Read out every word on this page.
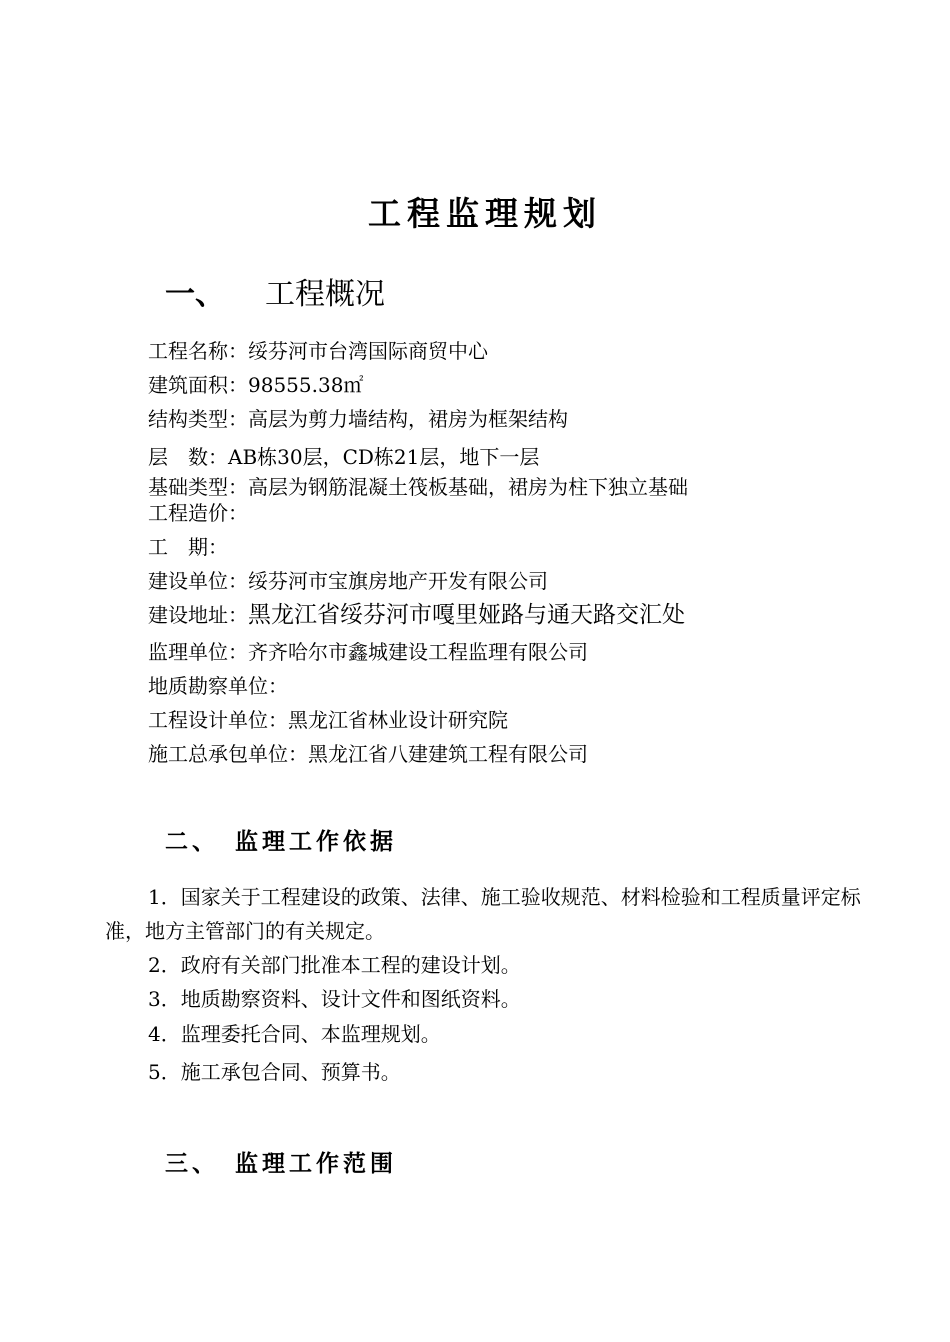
工程监理规划
一、 工程概况
工程名称：绥芬河市台湾国际商贸中心
建筑面积：98555.38㎡
结构类型：高层为剪力墙结构，裙房为框架结构
层　数：AB栋30层，CD栋21层，地下一层
基础类型：高层为钢筋混凝土筏板基础，裙房为柱下独立基础
工程造价：
工　期：
建设单位：绥芬河市宝旗房地产开发有限公司
建设地址：黑龙江省绥芬河市嘎里娅路与通天路交汇处
监理单位：齐齐哈尔市鑫城建设工程监理有限公司
地质勘察单位：
工程设计单位：黑龙江省林业设计研究院
施工总承包单位：黑龙江省八建建筑工程有限公司
二、 监理工作依据
1．国家关于工程建设的政策、法律、施工验收规范、材料检验和工程质量评定标准，地方主管部门的有关规定。
2．政府有关部门批准本工程的建设计划。
3．地质勘察资料、设计文件和图纸资料。
4．监理委托合同、本监理规划。
5．施工承包合同、预算书。
三、 监理工作范围
